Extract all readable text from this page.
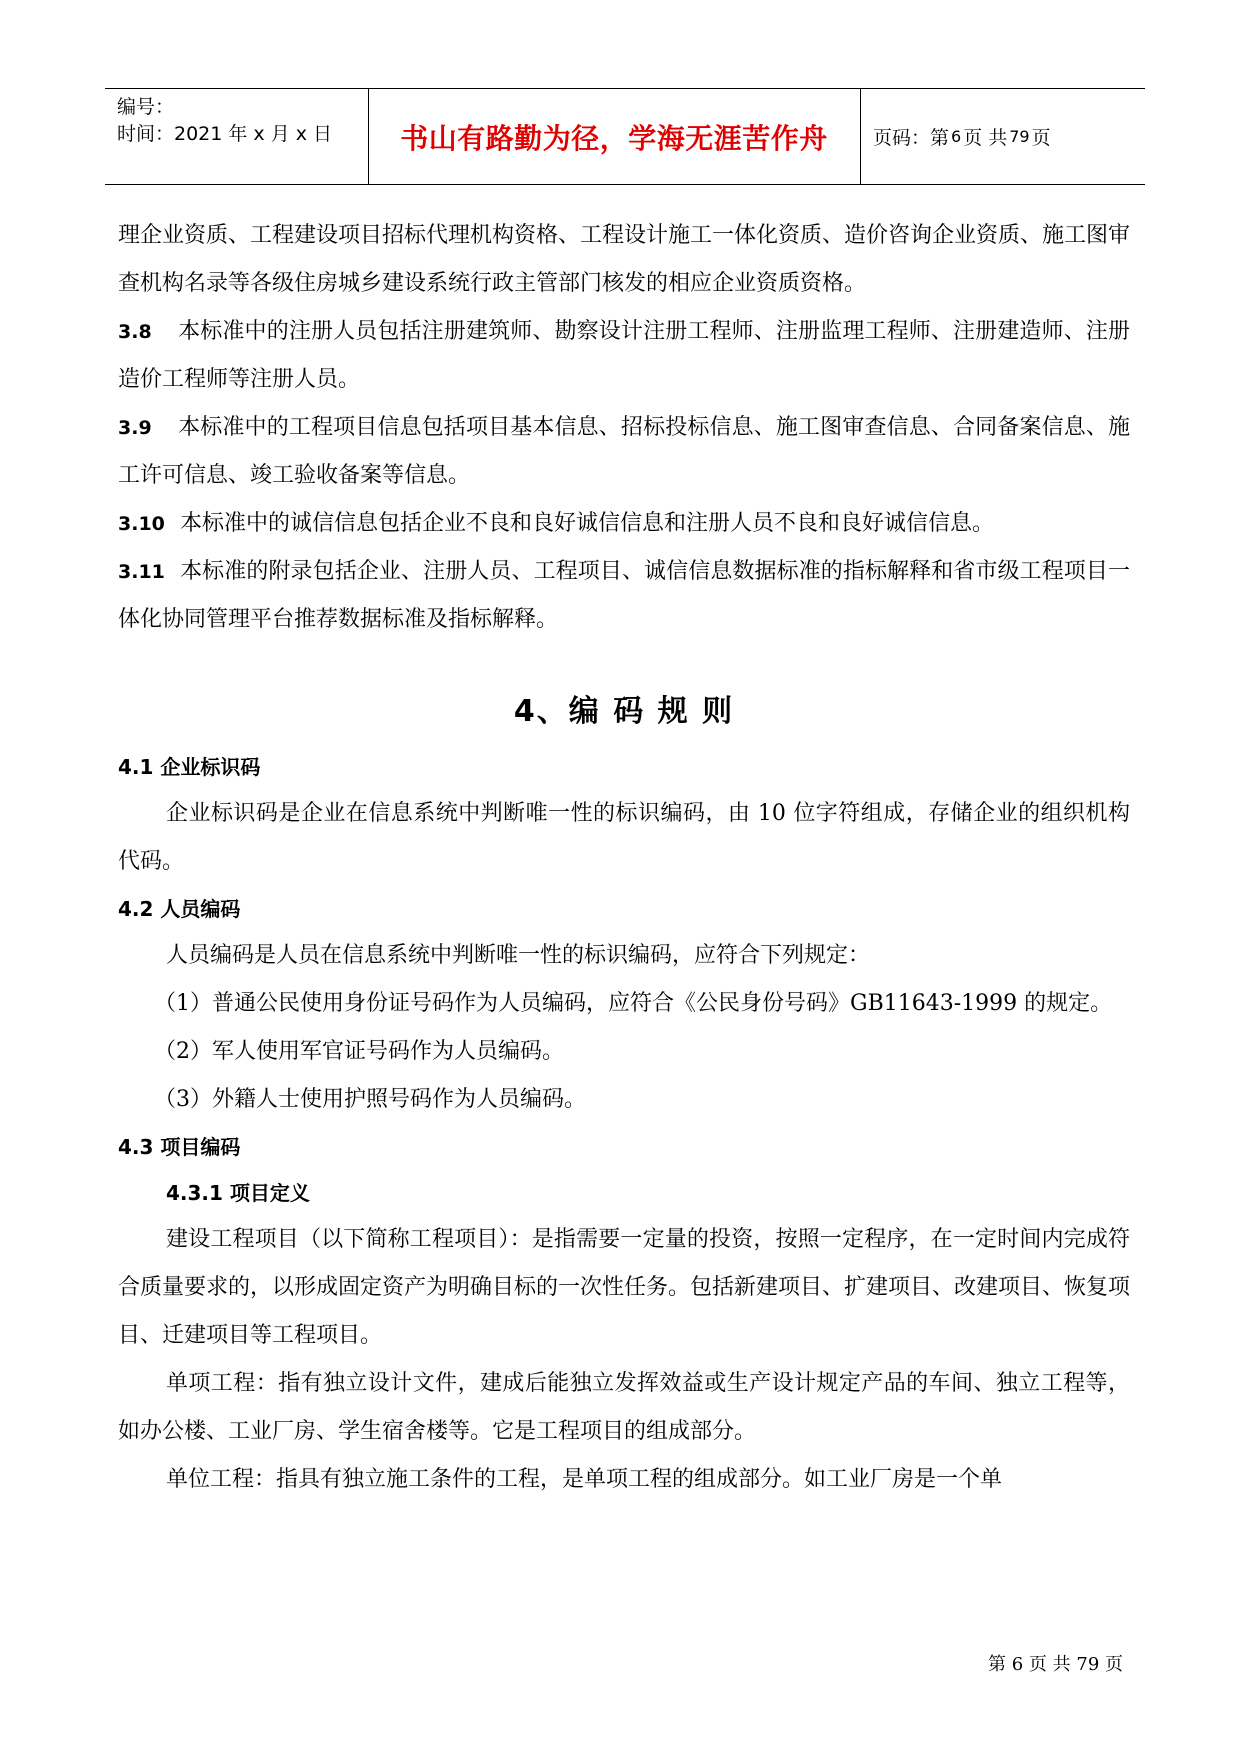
编号：
时间：2021 年 x 月 x 日	书山有路勤为径，学海无涯苦作舟	页码：第 6 页 共 79 页

理企业资质、工程建设项目招标代理机构资格、工程设计施工一体化资质、造价咨询企业资质、施工图审查机构名录等各级住房城乡建设系统行政主管部门核发的相应企业资质资格。

3.8 本标准中的注册人员包括注册建筑师、勘察设计注册工程师、注册监理工程师、注册建造师、注册造价工程师等注册人员。

3.9 本标准中的工程项目信息包括项目基本信息、招标投标信息、施工图审查信息、合同备案信息、施工许可信息、竣工验收备案等信息。

3.10 本标准中的诚信信息包括企业不良和良好诚信信息和注册人员不良和良好诚信信息。

3.11 本标准的附录包括企业、注册人员、工程项目、诚信信息数据标准的指标解释和省市级工程项目一体化协同管理平台推荐数据标准及指标解释。

4、编 码 规 则

4.1 企业标识码

企业标识码是企业在信息系统中判断唯一性的标识编码，由 10 位字符组成，存储企业的组织机构代码。

4.2 人员编码

人员编码是人员在信息系统中判断唯一性的标识编码，应符合下列规定：

（1）普通公民使用身份证号码作为人员编码，应符合《公民身份号码》GB11643-1999 的规定。

（2）军人使用军官证号码作为人员编码。

（3）外籍人士使用护照号码作为人员编码。

4.3 项目编码

4.3.1 项目定义

建设工程项目（以下简称工程项目）：是指需要一定量的投资，按照一定程序，在一定时间内完成符合质量要求的，以形成固定资产为明确目标的一次性任务。包括新建项目、扩建项目、改建项目、恢复项目、迁建项目等工程项目。

单项工程：指有独立设计文件，建成后能独立发挥效益或生产设计规定产品的车间、独立工程等，如办公楼、工业厂房、学生宿舍楼等。它是工程项目的组成部分。

单位工程：指具有独立施工条件的工程，是单项工程的组成部分。如工业厂房是一个单

第 6 页 共 79 页
